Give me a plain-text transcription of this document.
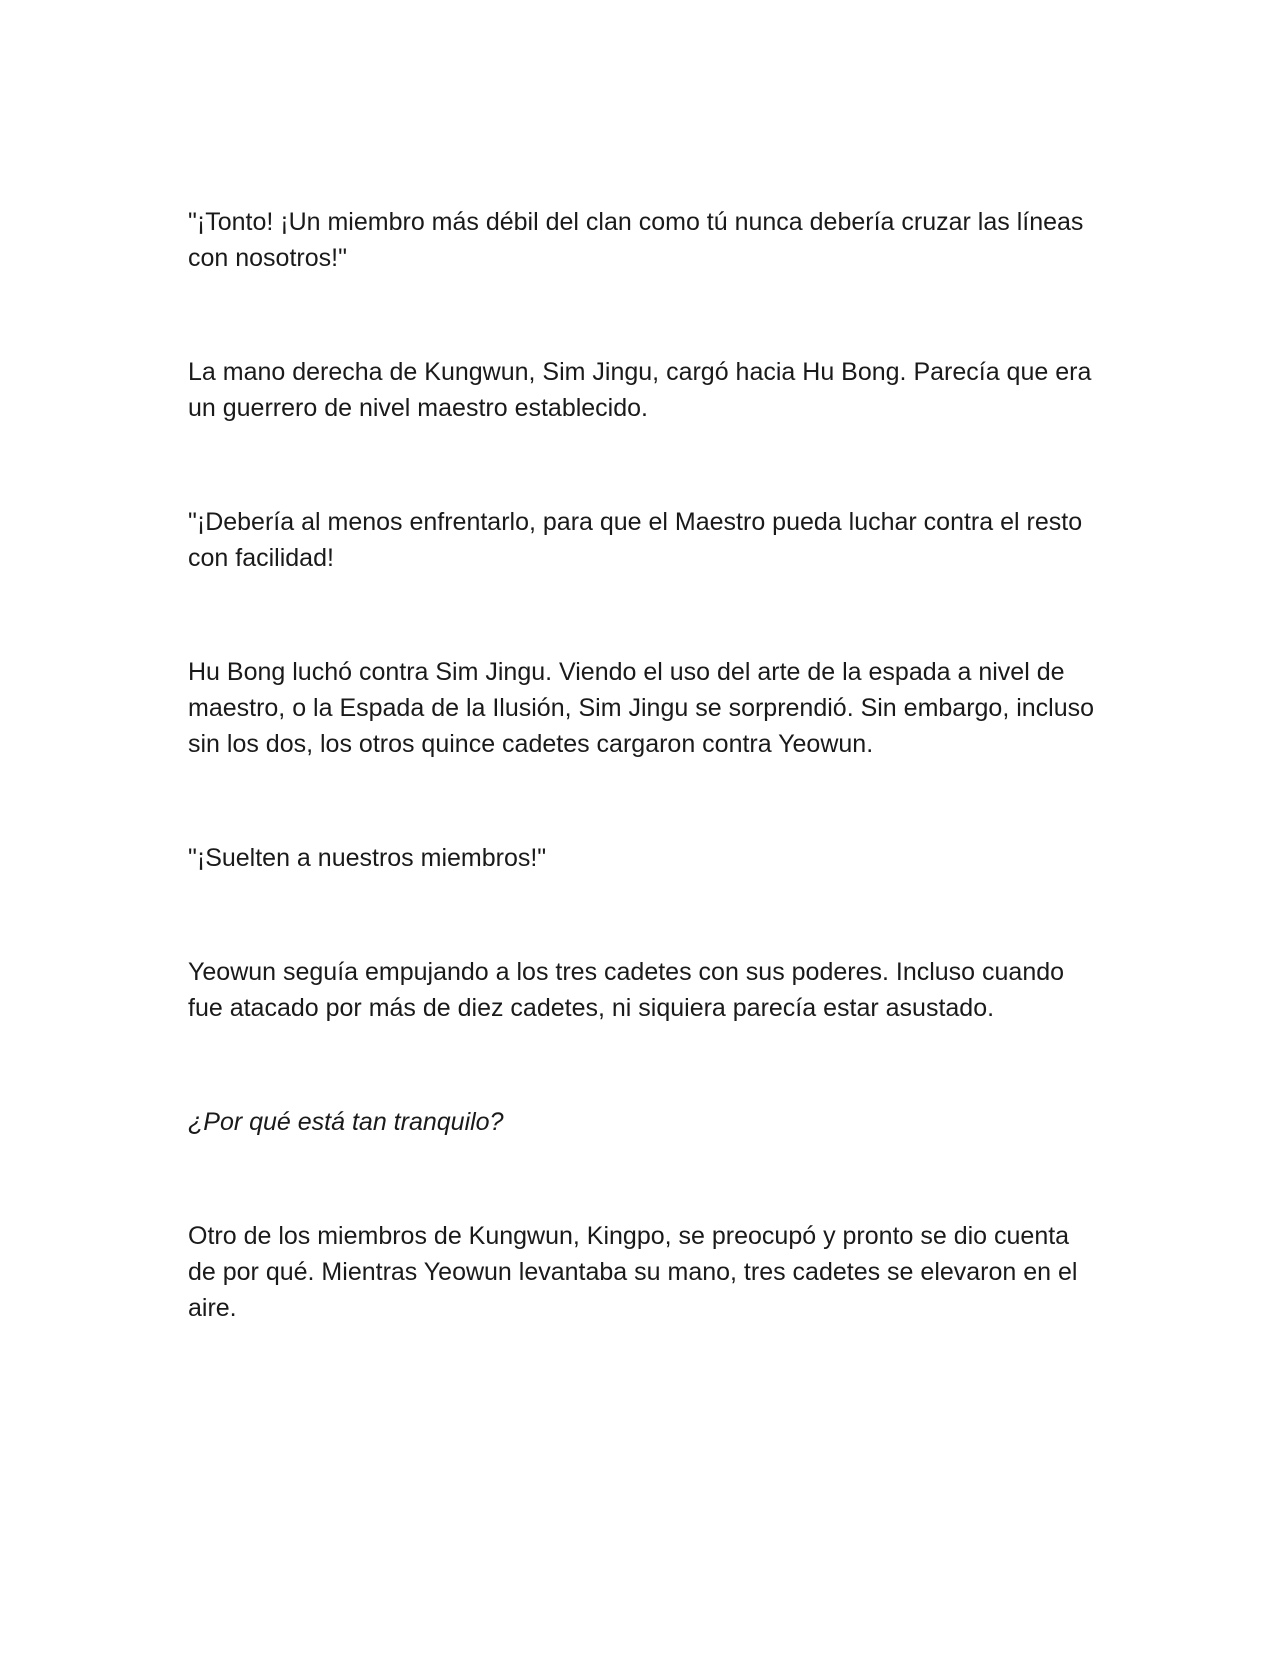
"¡Tonto! ¡Un miembro más débil del clan como tú nunca debería cruzar las líneas con nosotros!"

La mano derecha de Kungwun, Sim Jingu, cargó hacia Hu Bong. Parecía que era un guerrero de nivel maestro establecido.

"¡Debería al menos enfrentarlo, para que el Maestro pueda luchar contra el resto con facilidad!

Hu Bong luchó contra Sim Jingu. Viendo el uso del arte de la espada a nivel de maestro, o la Espada de la Ilusión, Sim Jingu se sorprendió. Sin embargo, incluso sin los dos, los otros quince cadetes cargaron contra Yeowun.

"¡Suelten a nuestros miembros!"

Yeowun seguía empujando a los tres cadetes con sus poderes. Incluso cuando fue atacado por más de diez cadetes, ni siquiera parecía estar asustado.

¿Por qué está tan tranquilo?

Otro de los miembros de Kungwun, Kingpo, se preocupó y pronto se dio cuenta de por qué. Mientras Yeowun levantaba su mano, tres cadetes se elevaron en el aire.
